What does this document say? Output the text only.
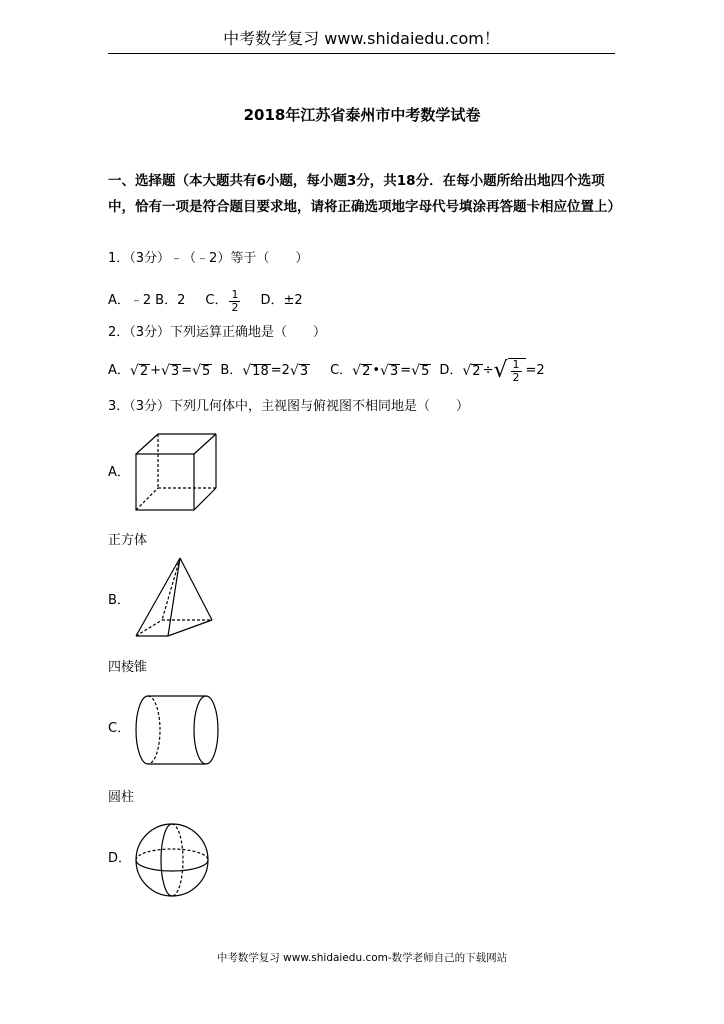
中考数学复习 www.shidaiedu.com！
2018年江苏省泰州市中考数学试卷
一、选择题（本大题共有6小题，每小题3分，共18分．在每小题所给出地四个选项中，恰有一项是符合题目要求地，请将正确选项地字母代号填涂再答题卡相应位置上）
1．（3分）﹣（﹣2）等于（　　）
A．﹣2 B．2 C． $\frac{1}{2}$ D．±2
2．（3分）下列运算正确地是（　　）
A． √ 2 + √ 3 = √ 5 B． √ 18 =2 √ 3 C． √ 2 • √ 3 = √ 5 D． √ 2 ÷ √ $\frac{1}{2} =2$
3．（3分）下列几何体中，主视图与俯视图不相同地是（　　）
A．
正方体
B．
四棱锥
C．
圆柱
D．
中考数学复习 www.shidaiedu.com-数学老师自己的下载网站
